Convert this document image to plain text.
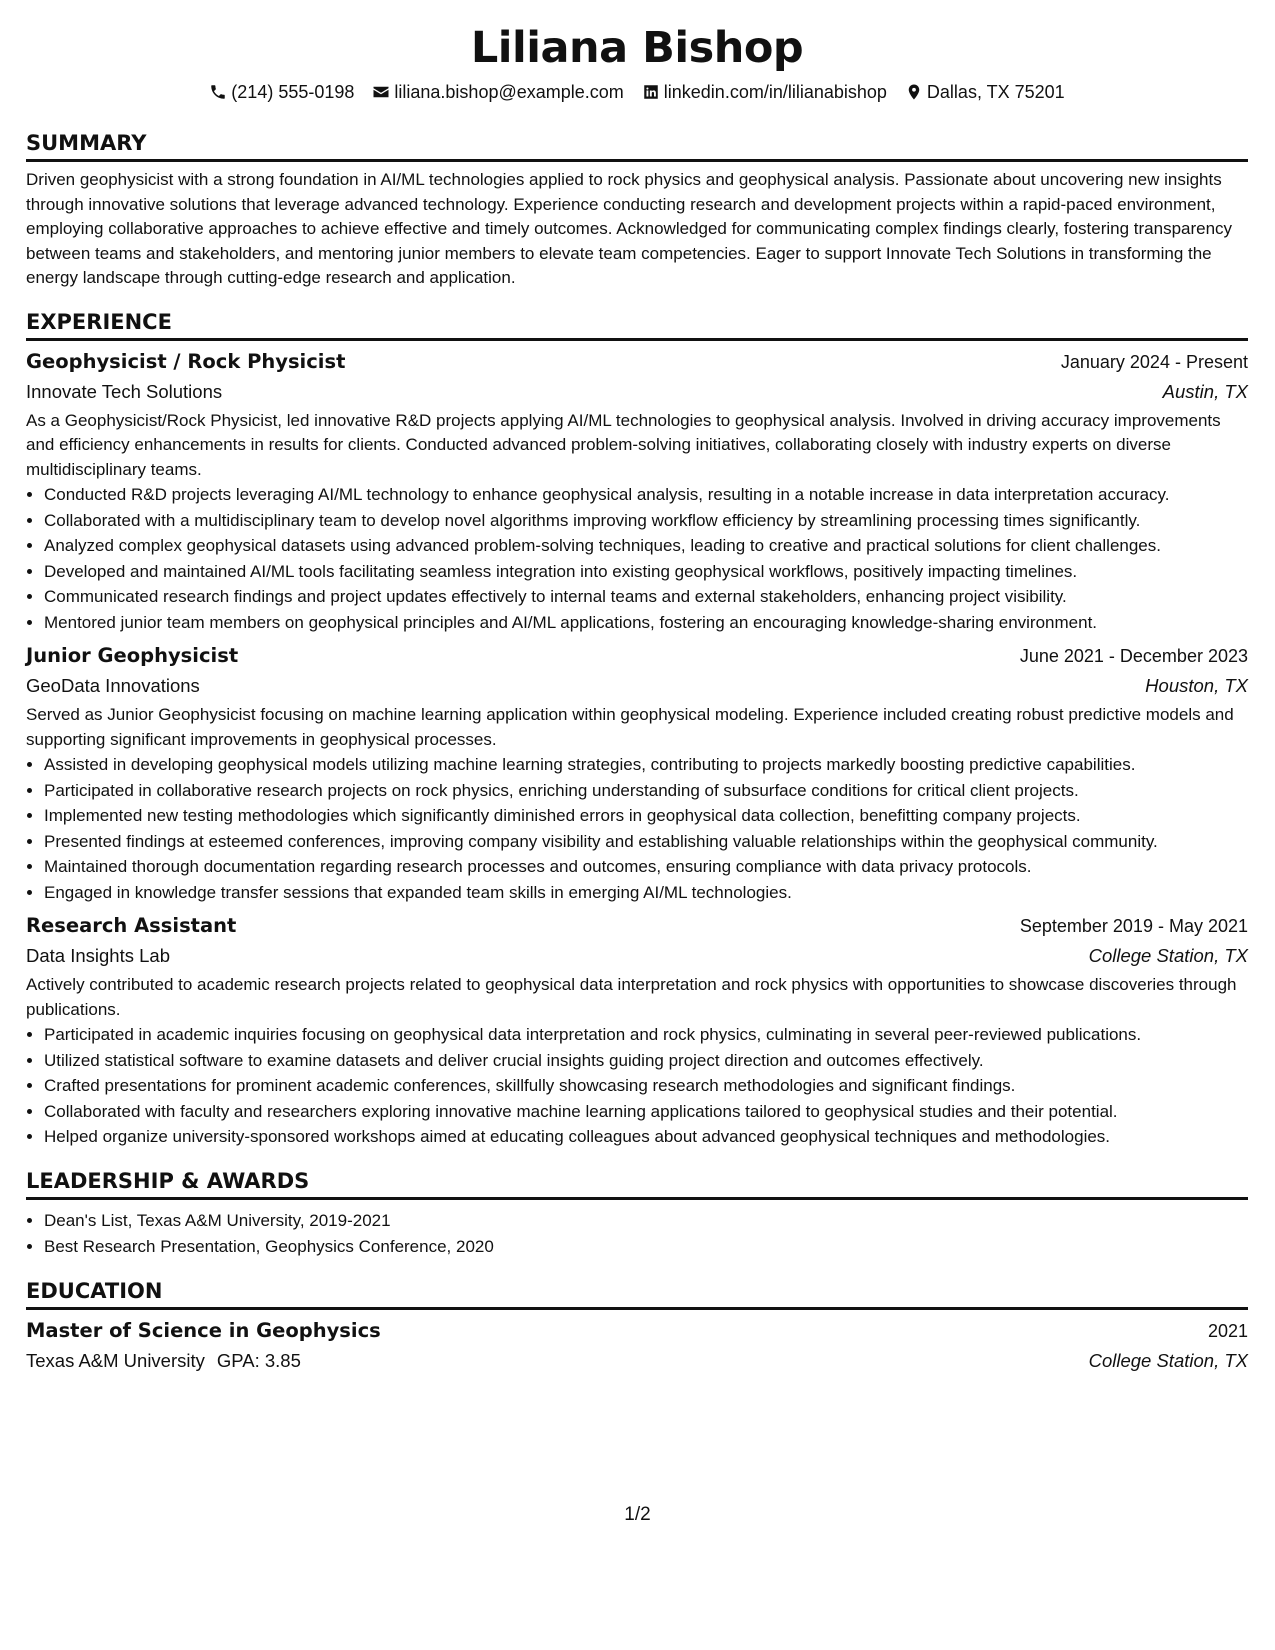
Liliana Bishop
(214) 555-0198 liliana.bishop@example.com linkedin.com/in/lilianabishop Dallas, TX 75201
SUMMARY
Driven geophysicist with a strong foundation in AI/ML technologies applied to rock physics and geophysical analysis. Passionate about uncovering new insights through innovative solutions that leverage advanced technology. Experience conducting research and development projects within a rapid-paced environment, employing collaborative approaches to achieve effective and timely outcomes. Acknowledged for communicating complex findings clearly, fostering transparency between teams and stakeholders, and mentoring junior members to elevate team competencies. Eager to support Innovate Tech Solutions in transforming the energy landscape through cutting-edge research and application.
EXPERIENCE
Geophysicist / Rock Physicist	January 2024 - Present
Innovate Tech Solutions	Austin, TX
As a Geophysicist/Rock Physicist, led innovative R&D projects applying AI/ML technologies to geophysical analysis. Involved in driving accuracy improvements and efficiency enhancements in results for clients. Conducted advanced problem-solving initiatives, collaborating closely with industry experts on diverse multidisciplinary teams.
• Conducted R&D projects leveraging AI/ML technology to enhance geophysical analysis, resulting in a notable increase in data interpretation accuracy.
• Collaborated with a multidisciplinary team to develop novel algorithms improving workflow efficiency by streamlining processing times significantly.
• Analyzed complex geophysical datasets using advanced problem-solving techniques, leading to creative and practical solutions for client challenges.
• Developed and maintained AI/ML tools facilitating seamless integration into existing geophysical workflows, positively impacting timelines.
• Communicated research findings and project updates effectively to internal teams and external stakeholders, enhancing project visibility.
• Mentored junior team members on geophysical principles and AI/ML applications, fostering an encouraging knowledge-sharing environment.
Junior Geophysicist	June 2021 - December 2023
GeoData Innovations	Houston, TX
Served as Junior Geophysicist focusing on machine learning application within geophysical modeling. Experience included creating robust predictive models and supporting significant improvements in geophysical processes.
• Assisted in developing geophysical models utilizing machine learning strategies, contributing to projects markedly boosting predictive capabilities.
• Participated in collaborative research projects on rock physics, enriching understanding of subsurface conditions for critical client projects.
• Implemented new testing methodologies which significantly diminished errors in geophysical data collection, benefitting company projects.
• Presented findings at esteemed conferences, improving company visibility and establishing valuable relationships within the geophysical community.
• Maintained thorough documentation regarding research processes and outcomes, ensuring compliance with data privacy protocols.
• Engaged in knowledge transfer sessions that expanded team skills in emerging AI/ML technologies.
Research Assistant	September 2019 - May 2021
Data Insights Lab	College Station, TX
Actively contributed to academic research projects related to geophysical data interpretation and rock physics with opportunities to showcase discoveries through publications.
• Participated in academic inquiries focusing on geophysical data interpretation and rock physics, culminating in several peer-reviewed publications.
• Utilized statistical software to examine datasets and deliver crucial insights guiding project direction and outcomes effectively.
• Crafted presentations for prominent academic conferences, skillfully showcasing research methodologies and significant findings.
• Collaborated with faculty and researchers exploring innovative machine learning applications tailored to geophysical studies and their potential.
• Helped organize university-sponsored workshops aimed at educating colleagues about advanced geophysical techniques and methodologies.
LEADERSHIP & AWARDS
• Dean's List, Texas A&M University, 2019-2021
• Best Research Presentation, Geophysics Conference, 2020
EDUCATION
Master of Science in Geophysics	2021
Texas A&M University GPA: 3.85	College Station, TX
1/2
